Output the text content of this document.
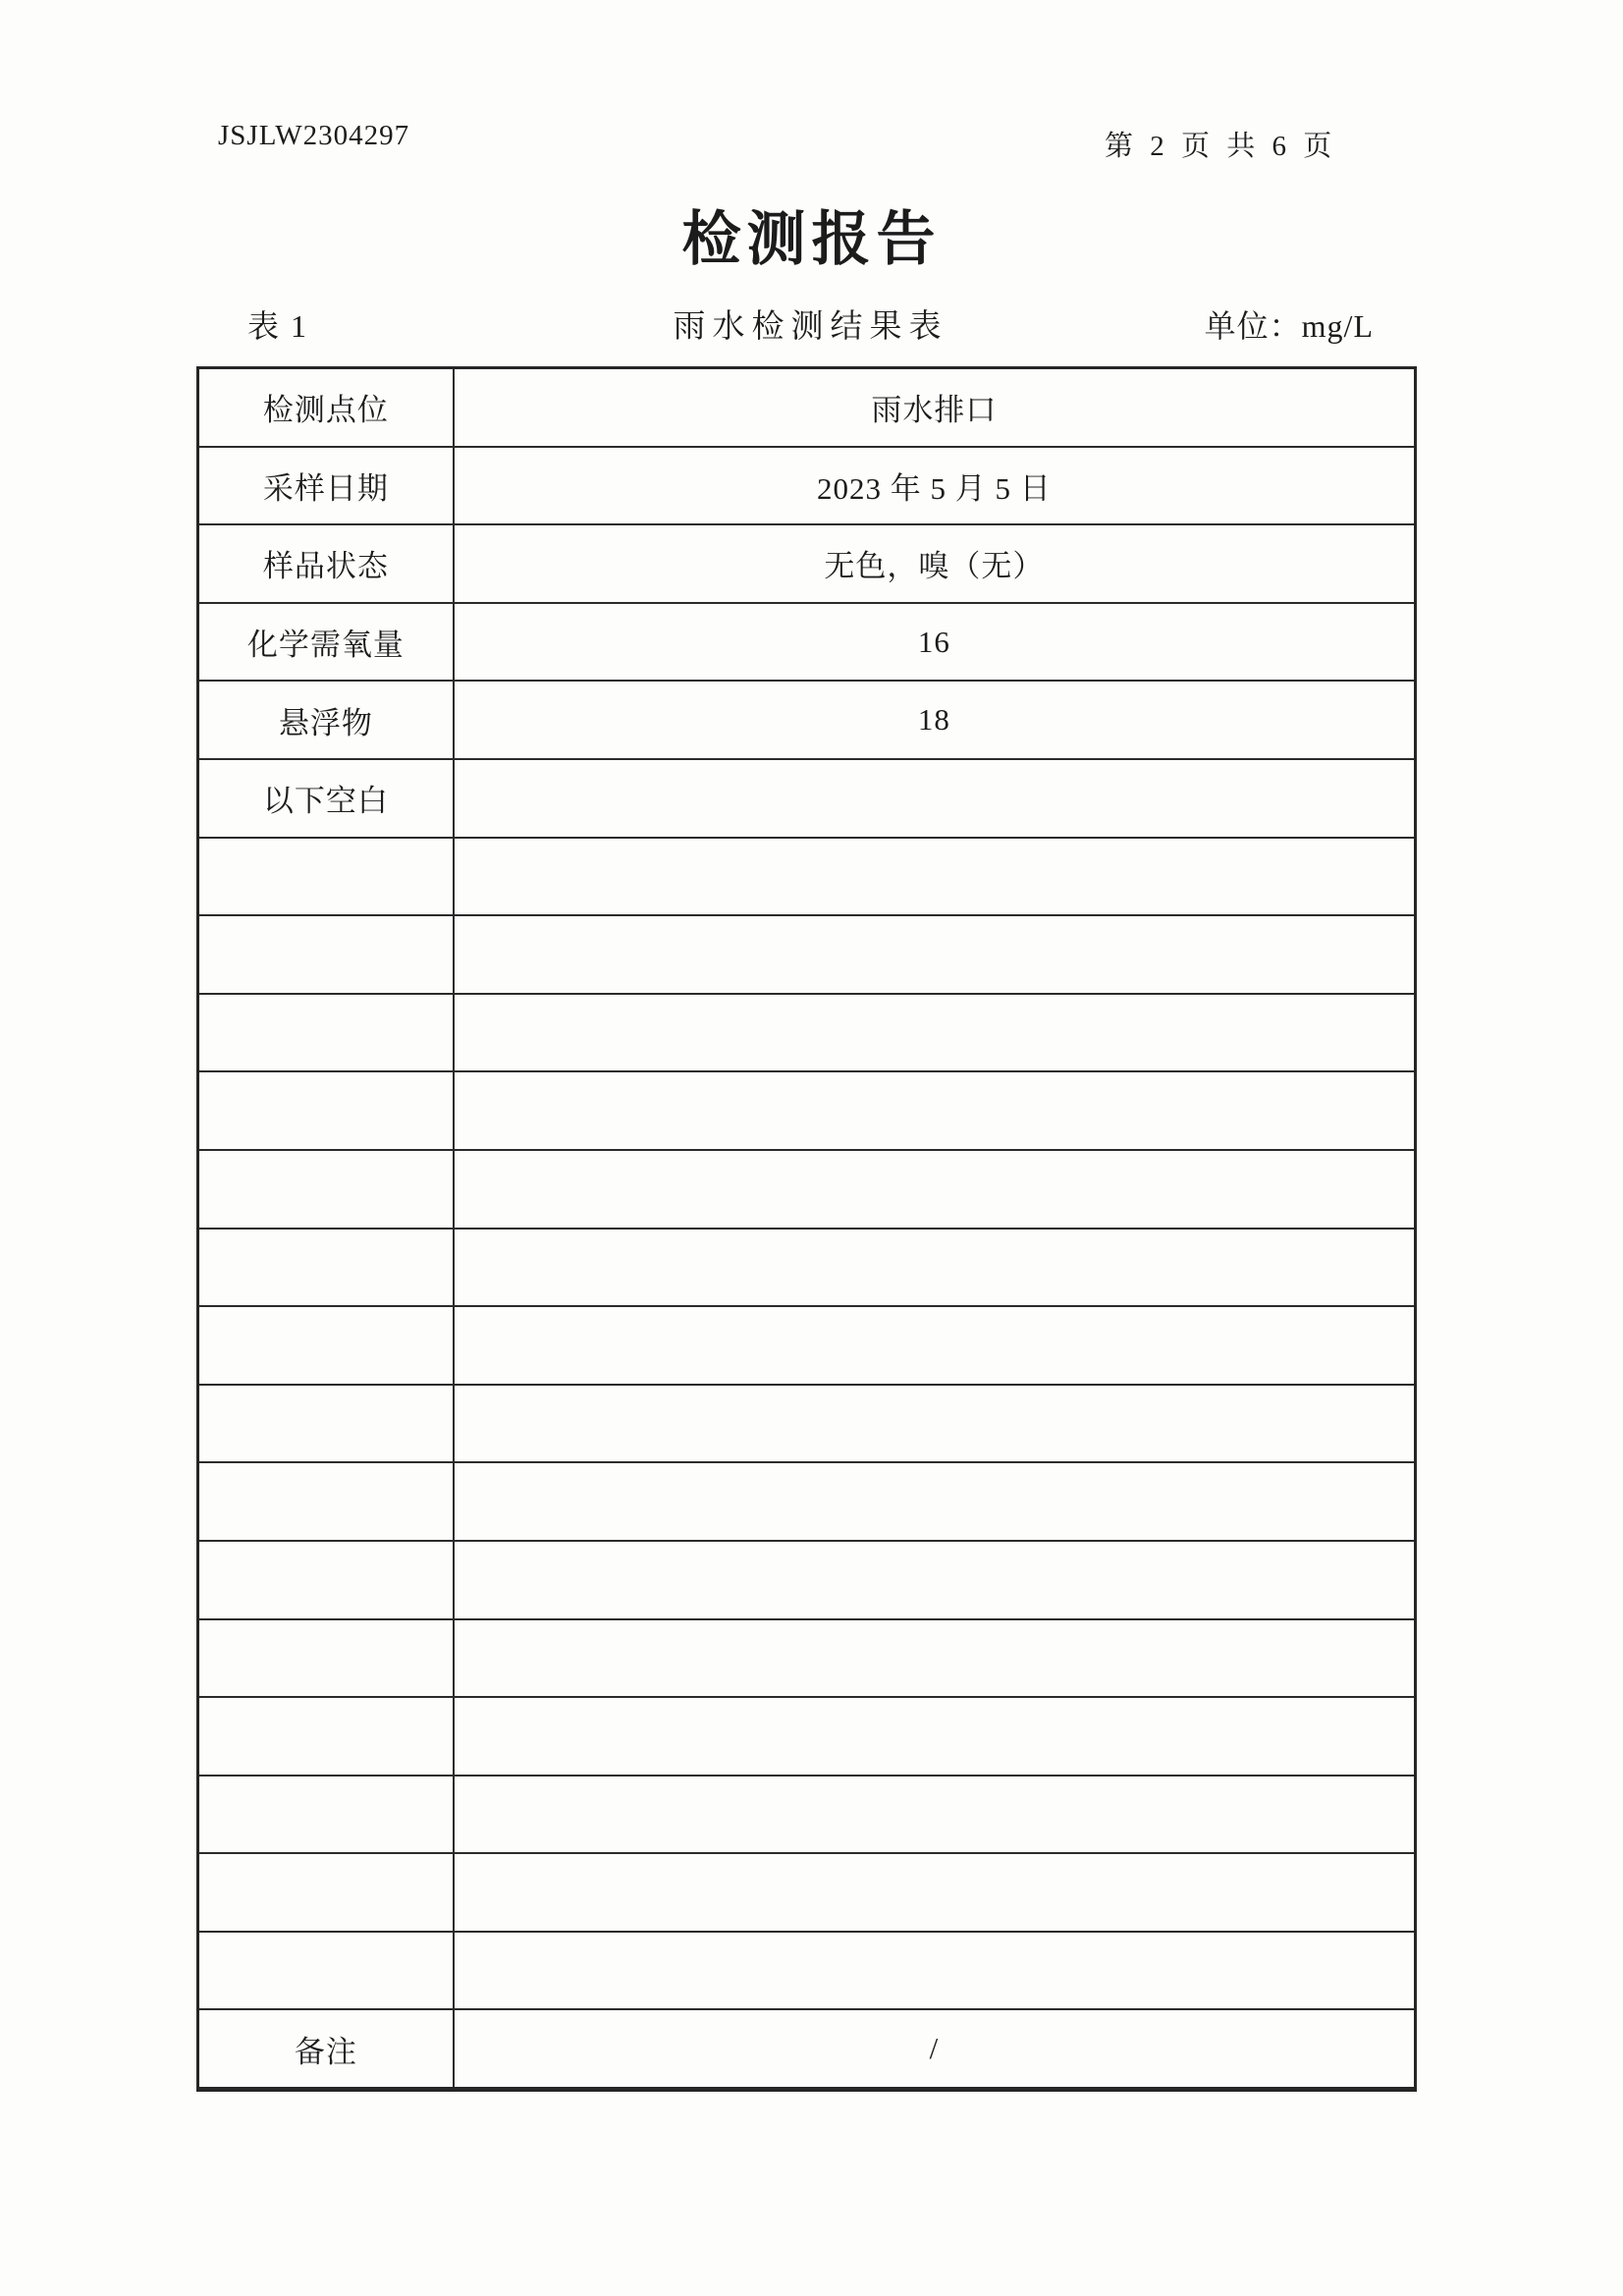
JSJLW2304297	第 2 页 共 6 页
检测报告
表 1	雨水检测结果表	单位：mg/L
检测点位	雨水排口
采样日期	2023 年 5 月 5 日
样品状态	无色，嗅（无）
化学需氧量	16
悬浮物	18
以下空白
备注	/
